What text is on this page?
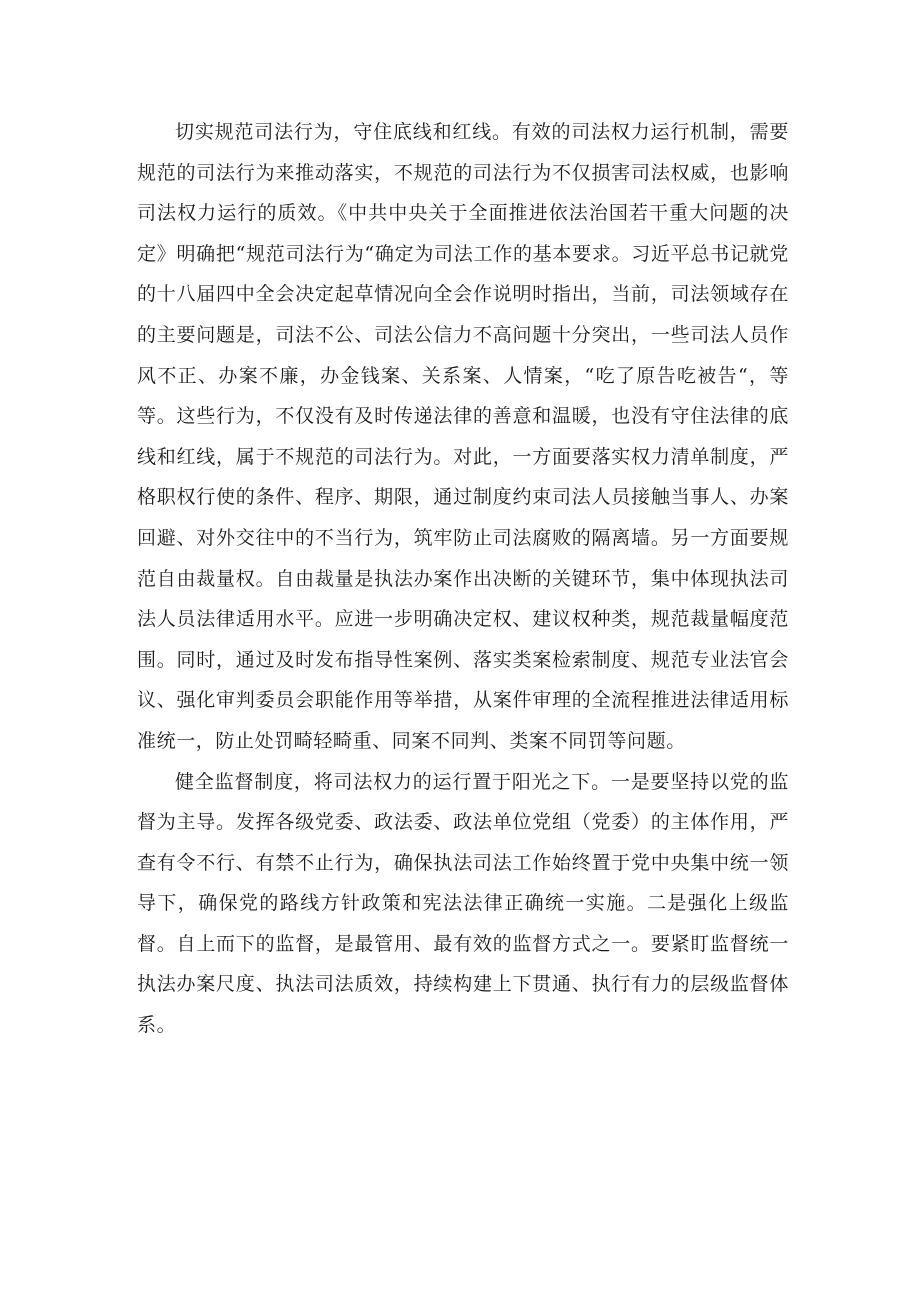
切实规范司法行为，守住底线和红线。有效的司法权力运行机制，需要规范的司法行为来推动落实，不规范的司法行为不仅损害司法权威，也影响司法权力运行的质效。《中共中央关于全面推进依法治国若干重大问题的决定》明确把“规范司法行为“确定为司法工作的基本要求。习近平总书记就党的十八届四中全会决定起草情况向全会作说明时指出，当前，司法领域存在的主要问题是，司法不公、司法公信力不高问题十分突出，一些司法人员作风不正、办案不廉，办金钱案、关系案、人情案，“吃了原告吃被告“，等等。这些行为，不仅没有及时传递法律的善意和温暖，也没有守住法律的底线和红线，属于不规范的司法行为。对此，一方面要落实权力清单制度，严格职权行使的条件、程序、期限，通过制度约束司法人员接触当事人、办案回避、对外交往中的不当行为，筑牢防止司法腐败的隔离墙。另一方面要规范自由裁量权。自由裁量是执法办案作出决断的关键环节，集中体现执法司法人员法律适用水平。应进一步明确决定权、建议权种类，规范裁量幅度范围。同时，通过及时发布指导性案例、落实类案检索制度、规范专业法官会议、强化审判委员会职能作用等举措，从案件审理的全流程推进法律适用标准统一，防止处罚畸轻畸重、同案不同判、类案不同罚等问题。

健全监督制度，将司法权力的运行置于阳光之下。一是要坚持以党的监督为主导。发挥各级党委、政法委、政法单位党组（党委）的主体作用，严查有令不行、有禁不止行为，确保执法司法工作始终置于党中央集中统一领导下，确保党的路线方针政策和宪法法律正确统一实施。二是强化上级监督。自上而下的监督，是最管用、最有效的监督方式之一。要紧盯监督统一执法办案尺度、执法司法质效，持续构建上下贯通、执行有力的层级监督体系。
